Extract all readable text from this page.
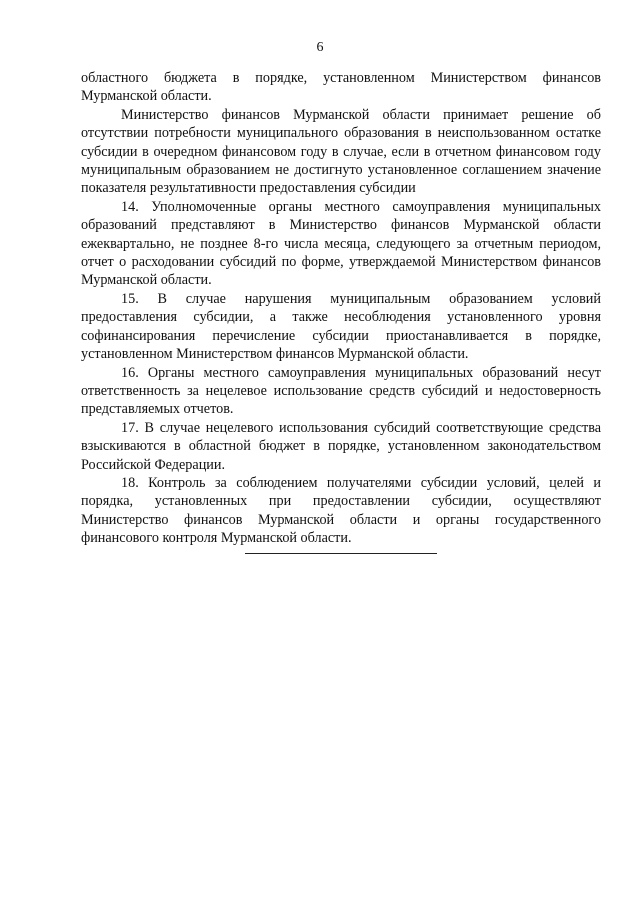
6

областного бюджета в порядке, установленном Министерством финансов Мурманской области.

Министерство финансов Мурманской области принимает решение об отсутствии потребности муниципального образования в неиспользованном остатке субсидии в очередном финансовом году в случае, если в отчетном финансовом году муниципальным образованием не достигнуто установленное соглашением значение показателя результативности предоставления субсидии

14. Уполномоченные органы местного самоуправления муниципальных образований представляют в Министерство финансов Мурманской области ежеквартально, не позднее 8-го числа месяца, следующего за отчетным периодом, отчет о расходовании субсидий по форме, утверждаемой Министерством финансов Мурманской области.

15. В случае нарушения муниципальным образованием условий предоставления субсидии, а также несоблюдения установленного уровня софинансирования перечисление субсидии приостанавливается в порядке, установленном Министерством финансов Мурманской области.

16. Органы местного самоуправления муниципальных образований несут ответственность за нецелевое использование средств субсидий и недостоверность представляемых отчетов.

17. В случае нецелевого использования субсидий соответствующие средства взыскиваются в областной бюджет в порядке, установленном законодательством Российской Федерации.

18. Контроль за соблюдением получателями субсидии условий, целей и порядка, установленных при предоставлении субсидии, осуществляют Министерство финансов Мурманской области и органы государственного финансового контроля Мурманской области.
